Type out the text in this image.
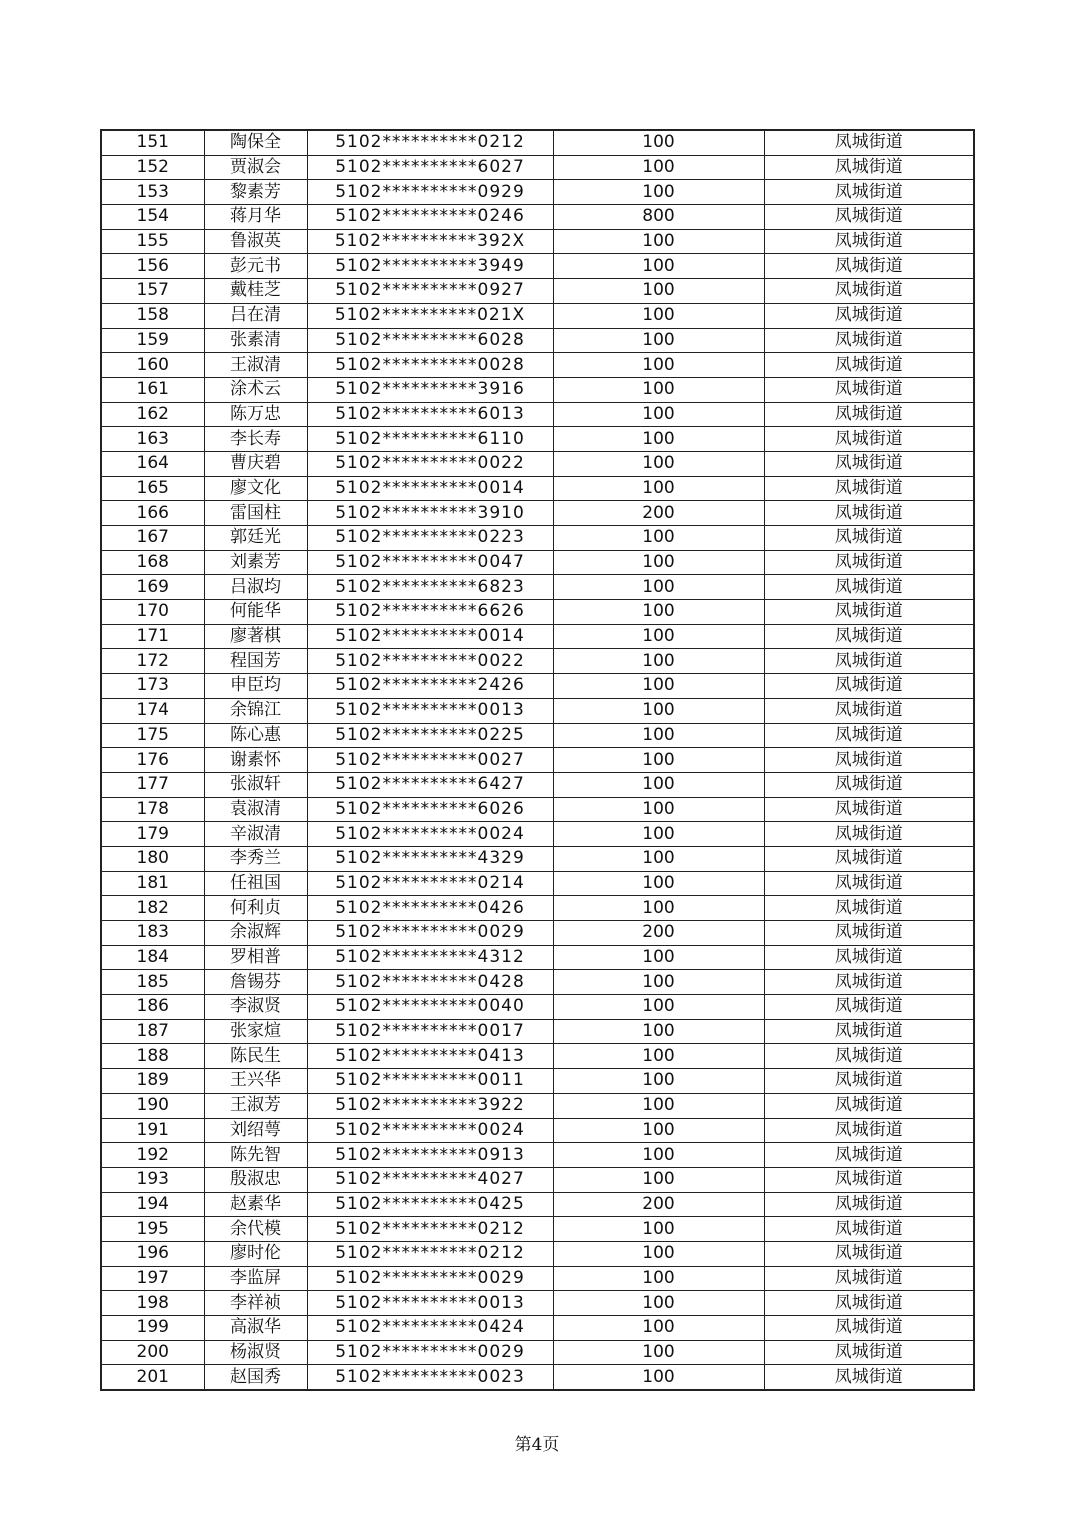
151	陶保全	5102**********0212	100	凤城街道
152	贾淑会	5102**********6027	100	凤城街道
153	黎素芳	5102**********0929	100	凤城街道
154	蒋月华	5102**********0246	800	凤城街道
155	鲁淑英	5102**********392X	100	凤城街道
156	彭元书	5102**********3949	100	凤城街道
157	戴桂芝	5102**********0927	100	凤城街道
158	吕在清	5102**********021X	100	凤城街道
159	张素清	5102**********6028	100	凤城街道
160	王淑清	5102**********0028	100	凤城街道
161	涂术云	5102**********3916	100	凤城街道
162	陈万忠	5102**********6013	100	凤城街道
163	李长寿	5102**********6110	100	凤城街道
164	曹庆碧	5102**********0022	100	凤城街道
165	廖文化	5102**********0014	100	凤城街道
166	雷国柱	5102**********3910	200	凤城街道
167	郭廷光	5102**********0223	100	凤城街道
168	刘素芳	5102**********0047	100	凤城街道
169	吕淑均	5102**********6823	100	凤城街道
170	何能华	5102**********6626	100	凤城街道
171	廖著棋	5102**********0014	100	凤城街道
172	程国芳	5102**********0022	100	凤城街道
173	申臣均	5102**********2426	100	凤城街道
174	余锦江	5102**********0013	100	凤城街道
175	陈心惠	5102**********0225	100	凤城街道
176	谢素怀	5102**********0027	100	凤城街道
177	张淑轩	5102**********6427	100	凤城街道
178	袁淑清	5102**********6026	100	凤城街道
179	辛淑清	5102**********0024	100	凤城街道
180	李秀兰	5102**********4329	100	凤城街道
181	任祖国	5102**********0214	100	凤城街道
182	何利贞	5102**********0426	100	凤城街道
183	余淑辉	5102**********0029	200	凤城街道
184	罗相普	5102**********4312	100	凤城街道
185	詹锡芬	5102**********0428	100	凤城街道
186	李淑贤	5102**********0040	100	凤城街道
187	张家煊	5102**********0017	100	凤城街道
188	陈民生	5102**********0413	100	凤城街道
189	王兴华	5102**********0011	100	凤城街道
190	王淑芳	5102**********3922	100	凤城街道
191	刘绍萼	5102**********0024	100	凤城街道
192	陈先智	5102**********0913	100	凤城街道
193	殷淑忠	5102**********4027	100	凤城街道
194	赵素华	5102**********0425	200	凤城街道
195	余代模	5102**********0212	100	凤城街道
196	廖时伦	5102**********0212	100	凤城街道
197	李监屏	5102**********0029	100	凤城街道
198	李祥祯	5102**********0013	100	凤城街道
199	高淑华	5102**********0424	100	凤城街道
200	杨淑贤	5102**********0029	100	凤城街道
201	赵国秀	5102**********0023	100	凤城街道
第4页
